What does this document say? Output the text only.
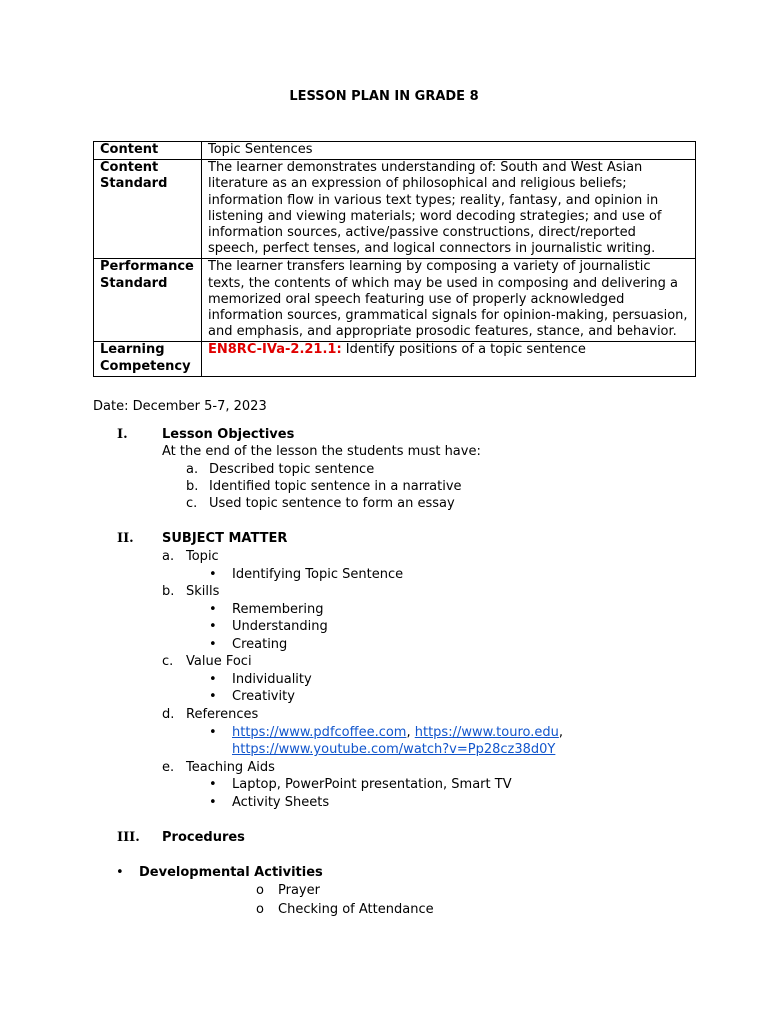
LESSON PLAN IN GRADE 8
Content	Topic Sentences
Content Standard	The learner demonstrates understanding of: South and West Asian literature as an expression of philosophical and religious beliefs; information flow in various text types; reality, fantasy, and opinion in listening and viewing materials; word decoding strategies; and use of information sources, active/passive constructions, direct/reported speech, perfect tenses, and logical connectors in journalistic writing.
Performance Standard	The learner transfers learning by composing a variety of journalistic texts, the contents of which may be used in composing and delivering a memorized oral speech featuring use of properly acknowledged information sources, grammatical signals for opinion-making, persuasion, and emphasis, and appropriate prosodic features, stance, and behavior.
Learning Competency	EN8RC-IVa-2.21.1: Identify positions of a topic sentence
Date: December 5-7, 2023
I.	Lesson Objectives
At the end of the lesson the students must have:
a. Described topic sentence
b. Identified topic sentence in a narrative
c. Used topic sentence to form an essay
II. SUBJECT MATTER
a. Topic
• Identifying Topic Sentence
b. Skills
• Remembering
• Understanding
• Creating
c. Value Foci
• Individuality
• Creativity
d. References
• https://www.pdfcoffee.com, https://www.touro.edu,
https://www.youtube.com/watch?v=Pp28cz38d0Y
e. Teaching Aids
• Laptop, PowerPoint presentation, Smart TV
• Activity Sheets
III. Procedures
• Developmental Activities
o Prayer
o Checking of Attendance
